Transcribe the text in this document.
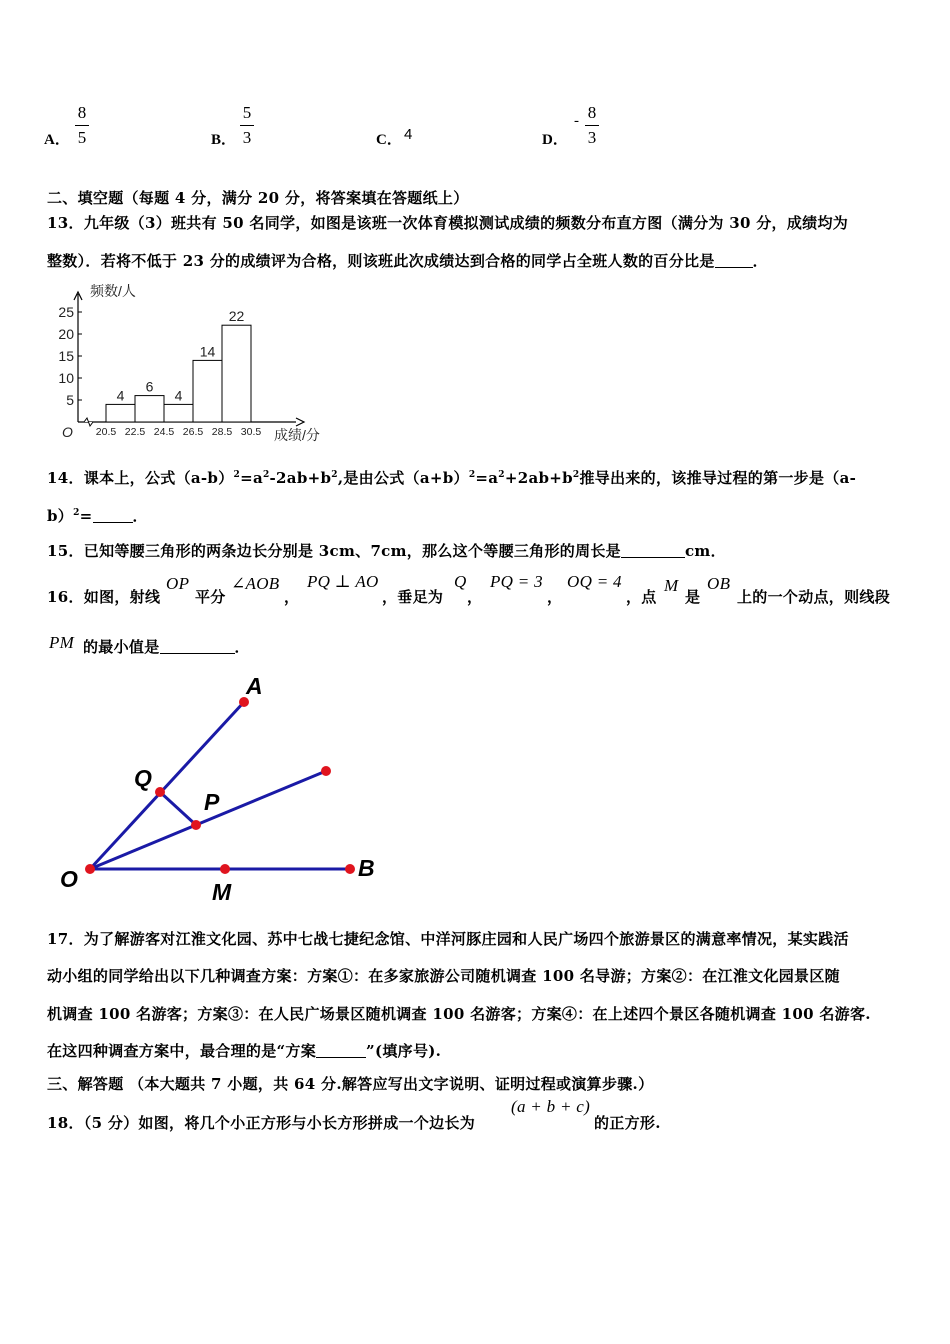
A．
8
5	B．
5
3	C． 4	D．
- 8
3
二、填空题（每题 4 分，满分 20 分，将答案填在答题纸上）
13．九年级（3）班共有 50 名同学，如图是该班一次体育模拟测试成绩的频数分布直方图（满分为 30 分，成绩均为
整数）．若将不低于 23 分的成绩评为合格，则该班此次成绩达到合格的同学占全班人数的百分比是	．
频数/人
成绩/分
O
5
10
15
20
25
4
6
4
14
22
20.5 22.5 24.5 26.5 28.5 30.5
14．课本上，公式$(a-b)^2=a^2-2ab+b^2$,是由公式$(a+b)^2=a^2+2ab+b^2$推导出来的，该推导过程的第一步是（a-
b）$^2$=	．
15．已知等腰三角形的两条边长分别是 3cm、7cm，那么这个等腰三角形的周长是	cm．
16．如图，射线
OP
平分
∠AOB
，
PQ ⊥ AO
，垂足为
Q
，
PQ = 3
，
OQ = 4
，点
M
是
OB
上的一个动点，则线段
PM 的最小值是	．
A
Q
P
O	M
B
17．为了解游客对江淮文化园、苏中七战七捷纪念馆、中洋河豚庄园和人民广场四个旅游景区的满意率情况，某实践活
动小组的同学给出以下几种调查方案：方案①：在多家旅游公司随机调查 100 名导游；方案②：在江淮文化园景区随
机调查 100 名游客；方案③：在人民广场景区随机调查 100 名游客；方案④：在上述四个景区各随机调查 100 名游客.
在这四种调查方案中，最合理的是“方案	”(填序号).
三、解答题 （本大题共 7 小题，共 64 分.解答应写出文字说明、证明过程或演算步骤.）
18．（5 分）如图，将几个小正方形与小长方形拼成一个边长为
(a + b + c)
的正方形.
